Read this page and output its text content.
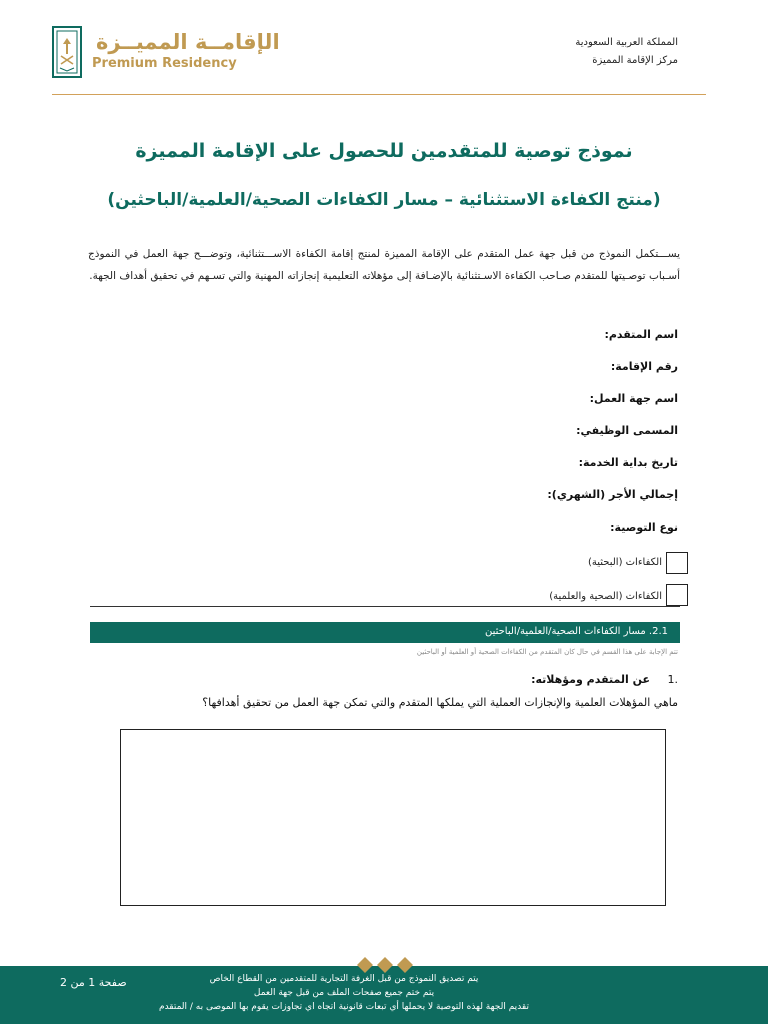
المملكة العربية السعودية
مركز الإقامة المميزة
الإقامــة المميــزة
Premium Residency
نموذج توصية للمتقدمين للحصول على الإقامة المميزة
(منتج الكفاءة الاستثنائية – مسار الكفاءات الصحية/العلمية/الباحثين)
يســـتكمل النموذج من قبل جهة عمل المتقدم على الإقامة المميزة لمنتج إقامة الكفاءة الاســـتثنائية، وتوضـــح جهة العمل في النموذج أسـباب توصـيتها للمتقدم صـاحب الكفاءة الاسـتثنائية بالإضـافة إلى مؤهلاته التعليمية إنجازاته المهنية والتي تسـهم في تحقيق أهداف الجهة.
اسم المتقدم:
رقم الإقامة:
اسم جهة العمل:
المسمى الوظيفي:
تاريخ بداية الخدمة:
إجمالي الأجر (الشهري):
نوع التوصية:
الكفاءات (البحثية)
الكفاءات (الصحية والعلمية)
2.1. مسار الكفاءات الصحية/العلمية/الباحثين
تتم الإجابة على هذا القسم في حال كان المتقدم من الكفاءات الصحية أو العلمية أو الباحثين
عن المتقدم ومؤهلاته: 1.
ماهي المؤهلات العلمية والإنجازات العملية التي يملكها المتقدم والتي تمكن جهة العمل من تحقيق أهدافها؟
يتم تصديق النموذج من قبل الغرفة التجارية للمتقدمين من القطاع الخاص
يتم ختم جميع صفحات الملف من قبل جهة العمل
تقديم الجهة لهذه التوصية لا يحملها أي تبعات قانونية اتجاه اي تجاوزات يقوم بها الموصى به / المتقدم
صفحة 1 من 2
